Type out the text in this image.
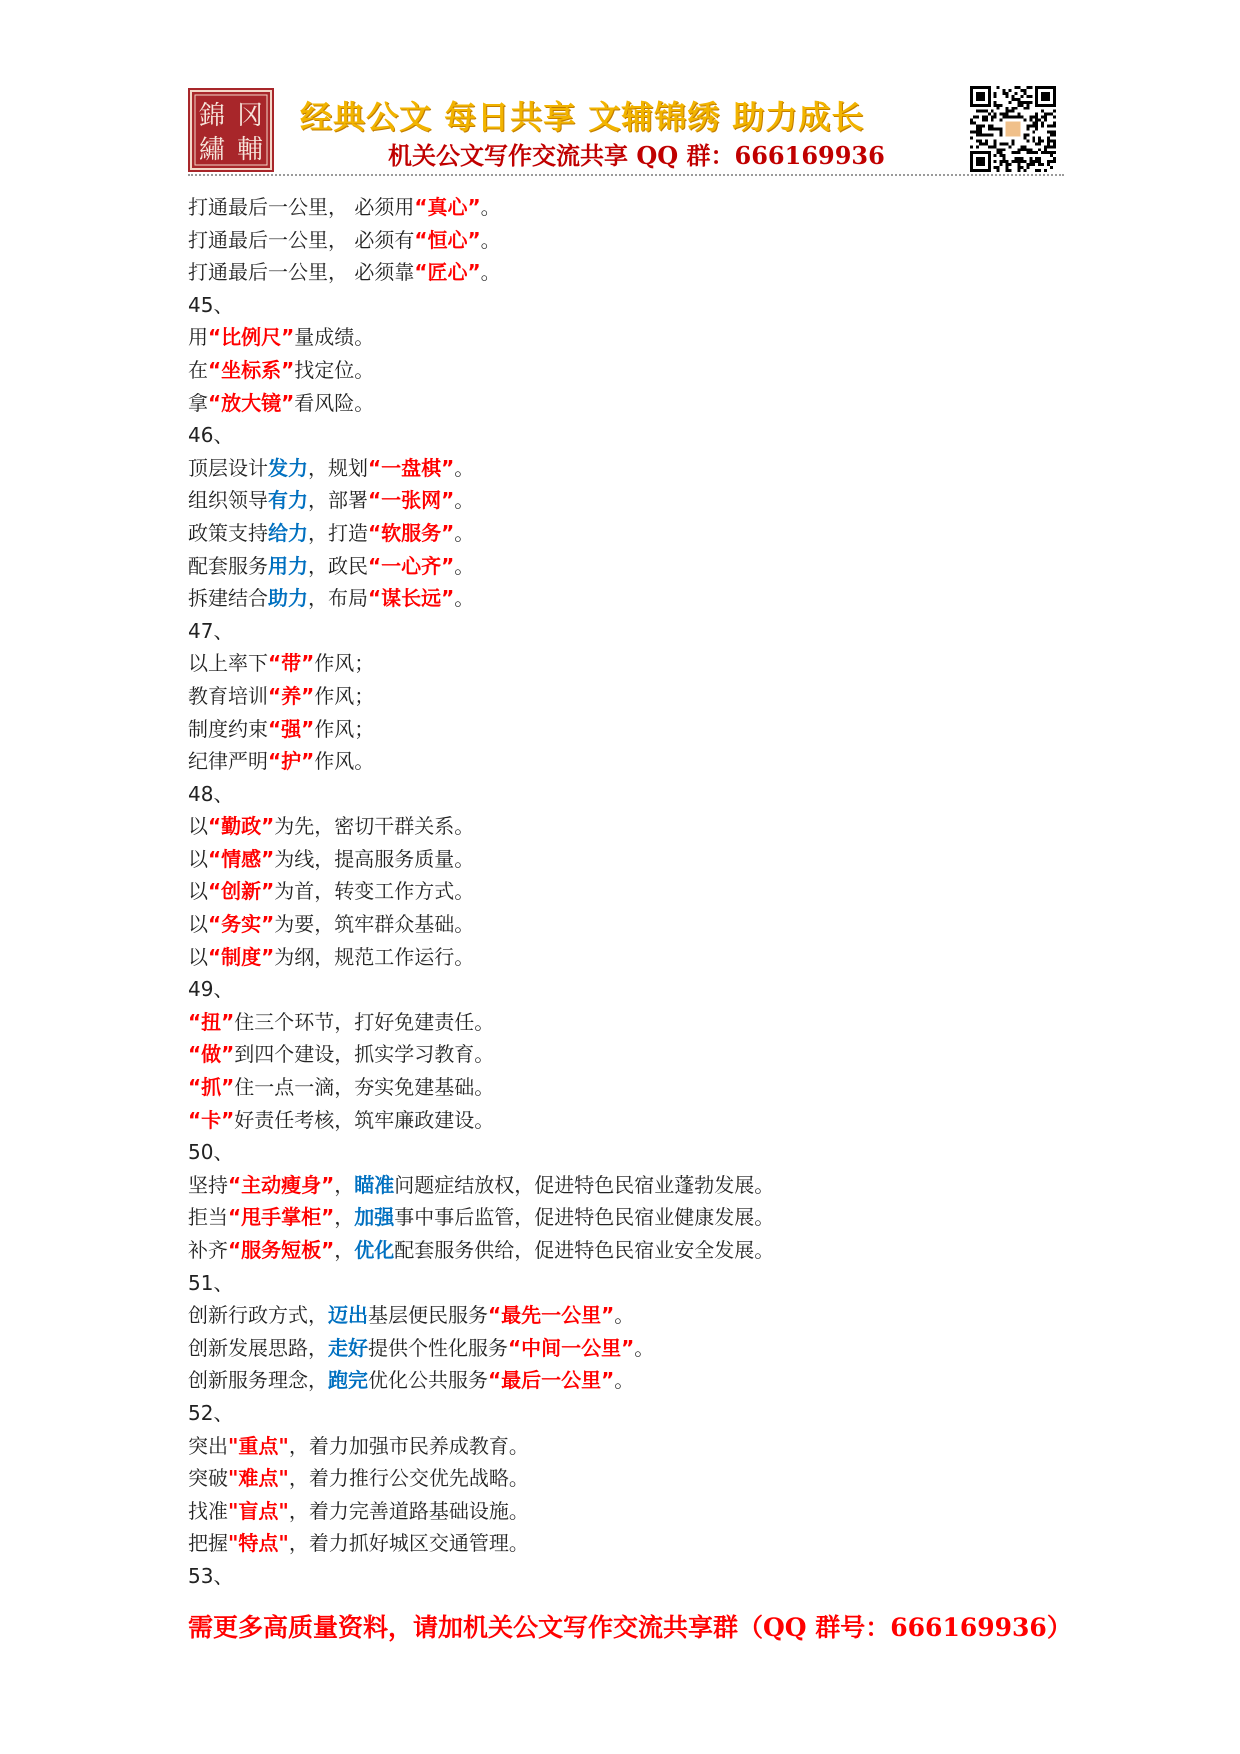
錦 冈
繡 輔
经典公文 每日共享 文辅锦绣 助力成长
机关公文写作交流共享 QQ 群：666169936
打通最后一公里， 必须用“真心”。
打通最后一公里， 必须有“恒心”。
打通最后一公里， 必须靠“匠心”。
45、
用“比例尺”量成绩。
在“坐标系”找定位。
拿“放大镜”看风险。
46、
顶层设计发力，规划“一盘棋”。
组织领导有力，部署“一张网”。
政策支持给力，打造“软服务”。
配套服务用力，政民“一心齐”。
拆建结合助力，布局“谋长远”。
47、
以上率下“带”作风；
教育培训“养”作风；
制度约束“强”作风；
纪律严明“护”作风。
48、
以“勤政”为先，密切干群关系。
以“情感”为线，提高服务质量。
以“创新”为首，转变工作方式。
以“务实”为要，筑牢群众基础。
以“制度”为纲，规范工作运行。
49、
“扭”住三个环节，打好免建责任。
“做”到四个建设，抓实学习教育。
“抓”住一点一滴，夯实免建基础。
“卡”好责任考核，筑牢廉政建设。
50、
坚持“主动瘦身”，瞄准问题症结放权，促进特色民宿业蓬勃发展。
拒当“甩手掌柜”，加强事中事后监管，促进特色民宿业健康发展。
补齐“服务短板”，优化配套服务供给，促进特色民宿业安全发展。
51、
创新行政方式，迈出基层便民服务“最先一公里”。
创新发展思路，走好提供个性化服务“中间一公里”。
创新服务理念，跑完优化公共服务“最后一公里”。
52、
突出"重点"，着力加强市民养成教育。
突破"难点"，着力推行公交优先战略。
找准"盲点"，着力完善道路基础设施。
把握"特点"，着力抓好城区交通管理。
53、
需更多高质量资料，请加机关公文写作交流共享群（QQ 群号：666169936）
